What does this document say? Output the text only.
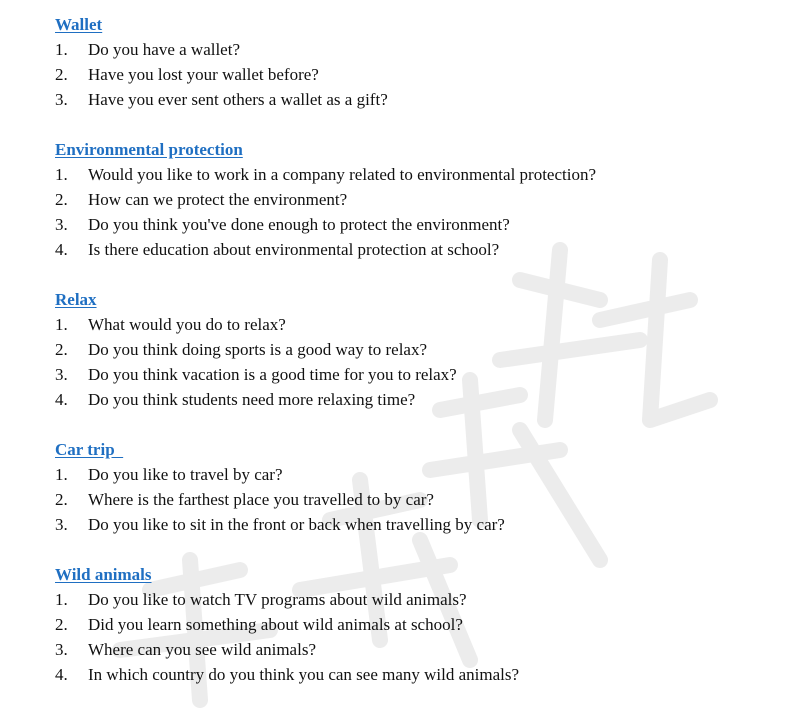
Wallet
1.	Do you have a wallet?
2.	Have you lost your wallet before?
3.	Have you ever sent others a wallet as a gift?
Environmental protection
1.	Would you like to work in a company related to environmental protection?
2.	How can we protect the environment?
3.	Do you think you've done enough to protect the environment?
4.	Is there education about environmental protection at school?
Relax
1.	What would you do to relax?
2.	Do you think doing sports is a good way to relax?
3.	Do you think vacation is a good time for you to relax?
4.	Do you think students need more relaxing time?
Car trip
1.	Do you like to travel by car?
2.	Where is the farthest place you travelled to by car?
3.	Do you like to sit in the front or back when travelling by car?
Wild animals
1.	Do you like to watch TV programs about wild animals?
2.	Did you learn something about wild animals at school?
3.	Where can you see wild animals?
4.	In which country do you think you can see many wild animals?
